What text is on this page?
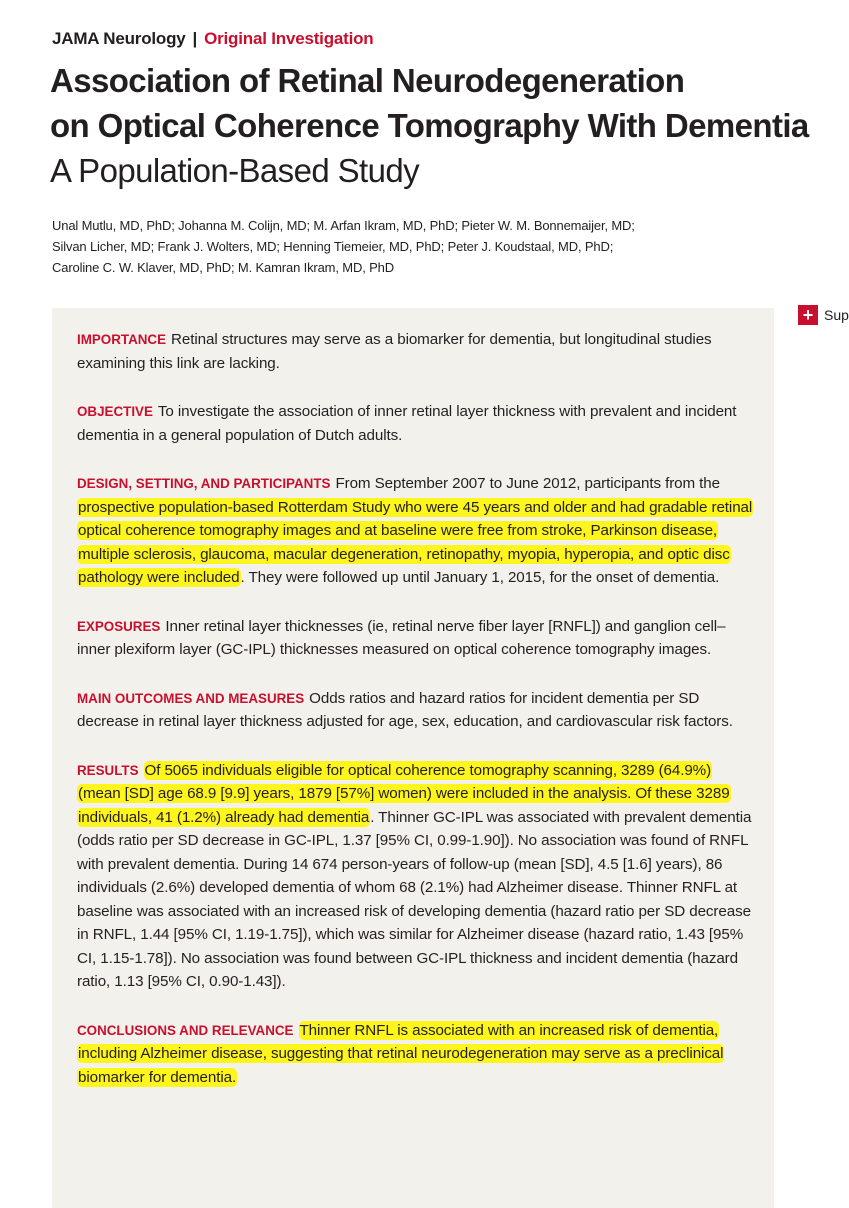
JAMA Neurology | Original Investigation
Association of Retinal Neurodegeneration
on Optical Coherence Tomography With Dementia
A Population-Based Study
Unal Mutlu, MD, PhD; Johanna M. Colijn, MD; M. Arfan Ikram, MD, PhD; Pieter W. M. Bonnemaijer, MD;
Silvan Licher, MD; Frank J. Wolters, MD; Henning Tiemeier, MD, PhD; Peter J. Koudstaal, MD, PhD;
Caroline C. W. Klaver, MD, PhD; M. Kamran Ikram, MD, PhD

IMPORTANCE Retinal structures may serve as a biomarker for dementia, but longitudinal studies examining this link are lacking.

OBJECTIVE To investigate the association of inner retinal layer thickness with prevalent and incident dementia in a general population of Dutch adults.

DESIGN, SETTING, AND PARTICIPANTS From September 2007 to June 2012, participants from the prospective population-based Rotterdam Study who were 45 years and older and had gradable retinal optical coherence tomography images and at baseline were free from stroke, Parkinson disease, multiple sclerosis, glaucoma, macular degeneration, retinopathy, myopia, hyperopia, and optic disc pathology were included. They were followed up until January 1, 2015, for the onset of dementia.

EXPOSURES Inner retinal layer thicknesses (ie, retinal nerve fiber layer [RNFL]) and ganglion cell–inner plexiform layer (GC-IPL) thicknesses measured on optical coherence tomography images.

MAIN OUTCOMES AND MEASURES Odds ratios and hazard ratios for incident dementia per SD decrease in retinal layer thickness adjusted for age, sex, education, and cardiovascular risk factors.

RESULTS Of 5065 individuals eligible for optical coherence tomography scanning, 3289 (64.9%) (mean [SD] age 68.9 [9.9] years, 1879 [57%] women) were included in the analysis. Of these 3289 individuals, 41 (1.2%) already had dementia. Thinner GC-IPL was associated with prevalent dementia (odds ratio per SD decrease in GC-IPL, 1.37 [95% CI, 0.99-1.90]). No association was found of RNFL with prevalent dementia. During 14 674 person-years of follow-up (mean [SD], 4.5 [1.6] years), 86 individuals (2.6%) developed dementia of whom 68 (2.1%) had Alzheimer disease. Thinner RNFL at baseline was associated with an increased risk of developing dementia (hazard ratio per SD decrease in RNFL, 1.44 [95% CI, 1.19-1.75]), which was similar for Alzheimer disease (hazard ratio, 1.43 [95% CI, 1.15-1.78]). No association was found between GC-IPL thickness and incident dementia (hazard ratio, 1.13 [95% CI, 0.90-1.43]).

CONCLUSIONS AND RELEVANCE Thinner RNFL is associated with an increased risk of dementia, including Alzheimer disease, suggesting that retinal neurodegeneration may serve as a preclinical biomarker for dementia.

+ Sup
